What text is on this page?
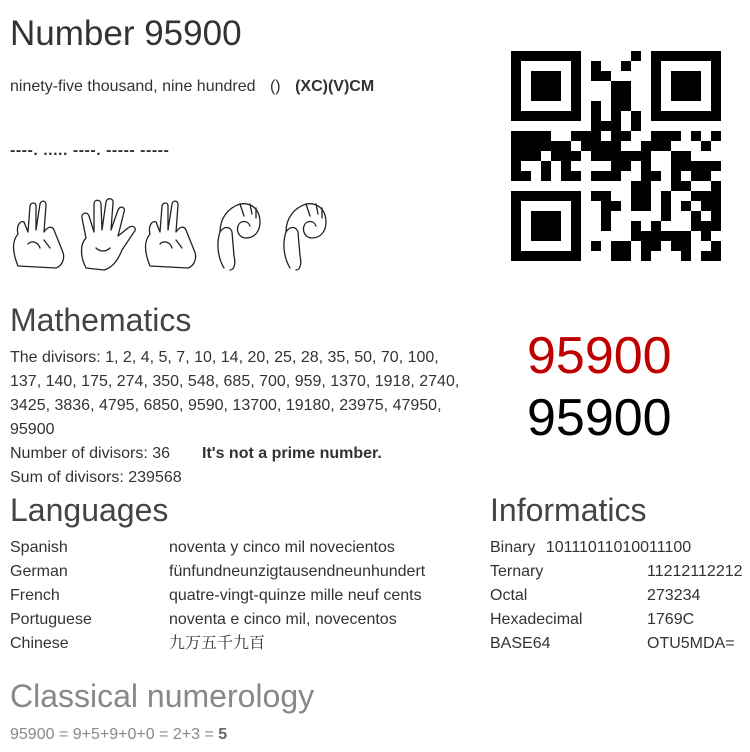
Number 95900
ninety-five thousand, nine hundred () (XC)(V)CM
----. ..... ----. ----- -----
Mathematics
The divisors: 1, 2, 4, 5, 7, 10, 14, 20, 25, 28, 35, 50, 70, 100,
137, 140, 175, 274, 350, 548, 685, 700, 959, 1370, 1918, 2740,
3425, 3836, 4795, 6850, 9590, 13700, 19180, 23975, 47950,
95900
Number of divisors: 36 It's not a prime number.
Sum of divisors: 239568
95900
95900
Languages
Spanish	noventa y cinco mil novecientos
German	fünfundneunzigtausendneunhundert
French	quatre-vingt-quinze mille neuf cents
Portuguese	noventa e cinco mil, novecentos
Chinese	九万五千九百
Informatics
Binary 10111011010011100
Ternary	11212112212
Octal	273234
Hexadecimal	1769C
BASE64	OTU5MDA=
Classical numerology
95900 = 9+5+9+0+0 = 2+3 = 5
